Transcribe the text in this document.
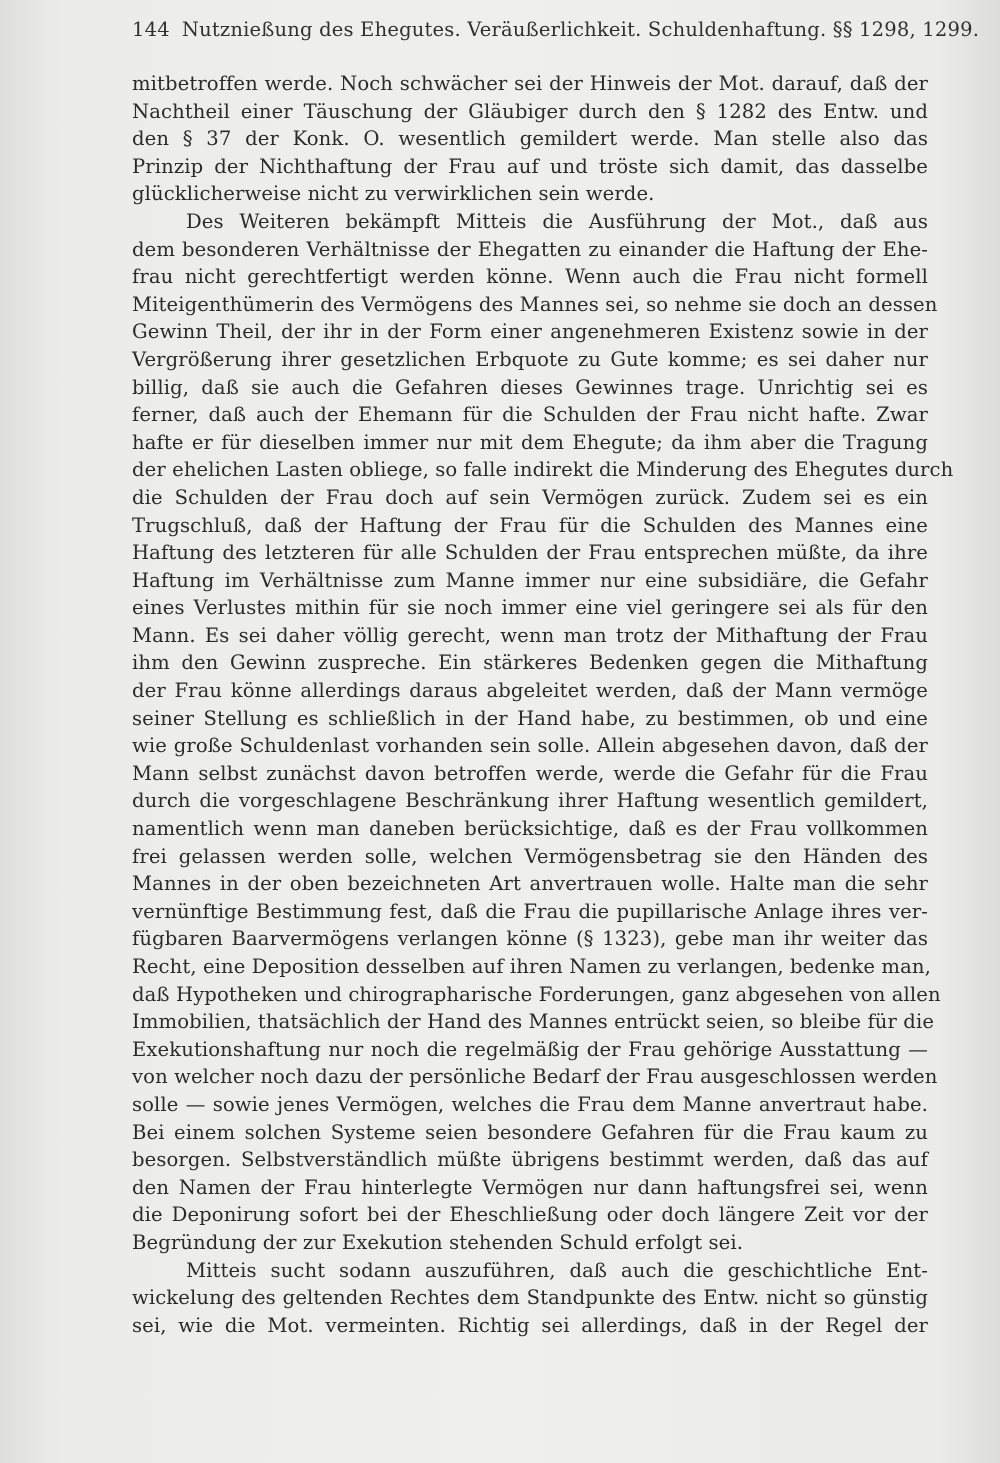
144 Nutznießung des Ehegutes. Veräußerlichkeit. Schuldenhaftung. §§ 1298, 1299.
mitbetroffen werde. Noch schwächer sei der Hinweis der Mot. darauf, daß der
Nachtheil einer Täuschung der Gläubiger durch den § 1282 des Entw. und
den § 37 der Konk. O. wesentlich gemildert werde. Man stelle also das
Prinzip der Nichthaftung der Frau auf und tröste sich damit, das dasselbe
glücklicherweise nicht zu verwirklichen sein werde.
Des Weiteren bekämpft Mitteis die Ausführung der Mot., daß aus
dem besonderen Verhältnisse der Ehegatten zu einander die Haftung der Ehe-
frau nicht gerechtfertigt werden könne. Wenn auch die Frau nicht formell
Miteigenthümerin des Vermögens des Mannes sei, so nehme sie doch an dessen
Gewinn Theil, der ihr in der Form einer angenehmeren Existenz sowie in der
Vergrößerung ihrer gesetzlichen Erbquote zu Gute komme; es sei daher nur
billig, daß sie auch die Gefahren dieses Gewinnes trage. Unrichtig sei es
ferner, daß auch der Ehemann für die Schulden der Frau nicht hafte. Zwar
hafte er für dieselben immer nur mit dem Ehegute; da ihm aber die Tragung
der ehelichen Lasten obliege, so falle indirekt die Minderung des Ehegutes durch
die Schulden der Frau doch auf sein Vermögen zurück. Zudem sei es ein
Trugschluß, daß der Haftung der Frau für die Schulden des Mannes eine
Haftung des letzteren für alle Schulden der Frau entsprechen müßte, da ihre
Haftung im Verhältnisse zum Manne immer nur eine subsidiäre, die Gefahr
eines Verlustes mithin für sie noch immer eine viel geringere sei als für den
Mann. Es sei daher völlig gerecht, wenn man trotz der Mithaftung der Frau
ihm den Gewinn zuspreche. Ein stärkeres Bedenken gegen die Mithaftung
der Frau könne allerdings daraus abgeleitet werden, daß der Mann vermöge
seiner Stellung es schließlich in der Hand habe, zu bestimmen, ob und eine
wie große Schuldenlast vorhanden sein solle. Allein abgesehen davon, daß der
Mann selbst zunächst davon betroffen werde, werde die Gefahr für die Frau
durch die vorgeschlagene Beschränkung ihrer Haftung wesentlich gemildert,
namentlich wenn man daneben berücksichtige, daß es der Frau vollkommen
frei gelassen werden solle, welchen Vermögensbetrag sie den Händen des
Mannes in der oben bezeichneten Art anvertrauen wolle. Halte man die sehr
vernünftige Bestimmung fest, daß die Frau die pupillarische Anlage ihres ver-
fügbaren Baarvermögens verlangen könne (§ 1323), gebe man ihr weiter das
Recht, eine Deposition desselben auf ihren Namen zu verlangen, bedenke man,
daß Hypotheken und chirographarische Forderungen, ganz abgesehen von allen
Immobilien, thatsächlich der Hand des Mannes entrückt seien, so bleibe für die
Exekutionshaftung nur noch die regelmäßig der Frau gehörige Ausstattung —
von welcher noch dazu der persönliche Bedarf der Frau ausgeschlossen werden
solle — sowie jenes Vermögen, welches die Frau dem Manne anvertraut habe.
Bei einem solchen Systeme seien besondere Gefahren für die Frau kaum zu
besorgen. Selbstverständlich müßte übrigens bestimmt werden, daß das auf
den Namen der Frau hinterlegte Vermögen nur dann haftungsfrei sei, wenn
die Deponirung sofort bei der Eheschließung oder doch längere Zeit vor der
Begründung der zur Exekution stehenden Schuld erfolgt sei.
Mitteis sucht sodann auszuführen, daß auch die geschichtliche Ent-
wickelung des geltenden Rechtes dem Standpunkte des Entw. nicht so günstig
sei, wie die Mot. vermeinten. Richtig sei allerdings, daß in der Regel der
